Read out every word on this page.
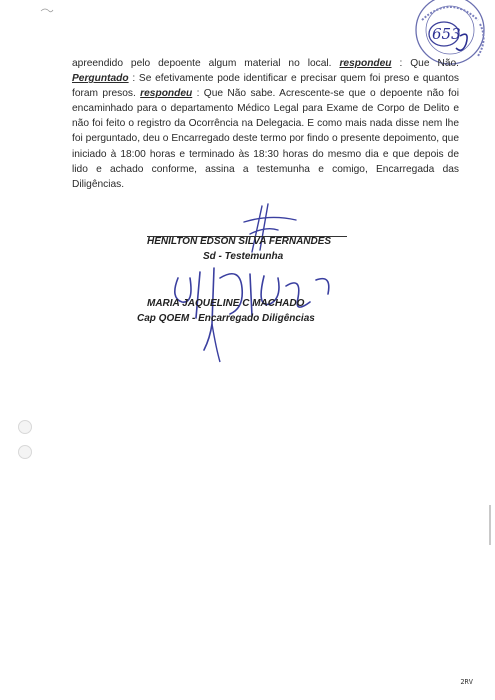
653

apreendido pelo depoente algum material no local. respondeu : Que Não. Perguntado : Se efetivamente pode identificar e precisar quem foi preso e quantos foram presos. respondeu : Que Não sabe. Acrescente-se que o depoente não foi encaminhado para o departamento Médico Legal para Exame de Corpo de Delito e não foi feito o registro da Ocorrência na Delegacia. E como mais nada disse nem lhe foi perguntado, deu o Encarregado deste termo por findo o presente depoimento, que iniciado à 18:00 horas e terminado às 18:30 horas do mesmo dia e que depois de lido e achado conforme, assina a testemunha e comigo, Encarregada das Diligências.

HENILTON EDSON SILVA FERNANDES
Sd - Testemunha
MARIA JAQUELINE C MACHADO
Cap QOEM - Encarregado Diligências
2RV
